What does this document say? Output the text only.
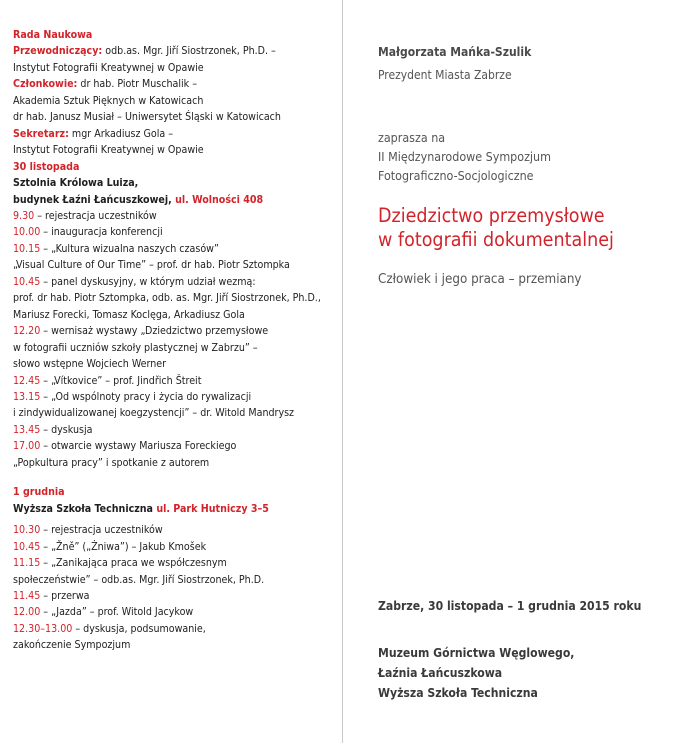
Rada Naukowa
Przewodniczący: odb.as. Mgr. Jiří Siostrzonek, Ph.D. –
Instytut Fotografii Kreatywnej w Opawie
Członkowie: dr hab. Piotr Muschalik –
Akademia Sztuk Pięknych w Katowicach
dr hab. Janusz Musiał – Uniwersytet Śląski w Katowicach
Sekretarz: mgr Arkadiusz Gola –
Instytut Fotografii Kreatywnej w Opawie
30 listopada
Sztolnia Królowa Luiza,
budynek Łaźni Łańcuszkowej, ul. Wolności 408
9.30 – rejestracja uczestników
10.00 – inauguracja konferencji
10.15 – „Kultura wizualna naszych czasów”
„Visual Culture of Our Time” – prof. dr hab. Piotr Sztompka
10.45 – panel dyskusyjny, w którym udział wezmą:
prof. dr hab. Piotr Sztompka, odb. as. Mgr. Jiří Siostrzonek, Ph.D.,
Mariusz Forecki, Tomasz Koclęga, Arkadiusz Gola
12.20 – wernisaż wystawy „Dziedzictwo przemysłowe
w fotografii uczniów szkoły plastycznej w Zabrzu” –
słowo wstępne Wojciech Werner
12.45 – „Vítkovice” – prof. Jindřich Štreit
13.15 – „Od wspólnoty pracy i życia do rywalizacji
i zindywidualizowanej koegzystencji” – dr. Witold Mandrysz
13.45 – dyskusja
17.00 – otwarcie wystawy Mariusza Foreckiego
„Popkultura pracy” i spotkanie z autorem
1 grudnia
Wyższa Szkoła Techniczna ul. Park Hutniczy 3–5
10.30 – rejestracja uczestników
10.45 – „Žně” („Żniwa”) – Jakub Kmošek
11.15 – „Zanikająca praca we współczesnym
społeczeństwie” – odb.as. Mgr. Jiří Siostrzonek, Ph.D.
11.45 – przerwa
12.00 – „Jazda” – prof. Witold Jacykow
12.30–13.00 – dyskusja, podsumowanie,
zakończenie Sympozjum
Małgorzata Mańka-Szulik
Prezydent Miasta Zabrze
zaprasza na
II Międzynarodowe Sympozjum
Fotograficzno-Socjologiczne
Dziedzictwo przemysłowe
w fotografii dokumentalnej
Człowiek i jego praca – przemiany
Zabrze, 30 listopada – 1 grudnia 2015 roku
Muzeum Górnictwa Węglowego,
Łaźnia Łańcuszkowa
Wyższa Szkoła Techniczna
